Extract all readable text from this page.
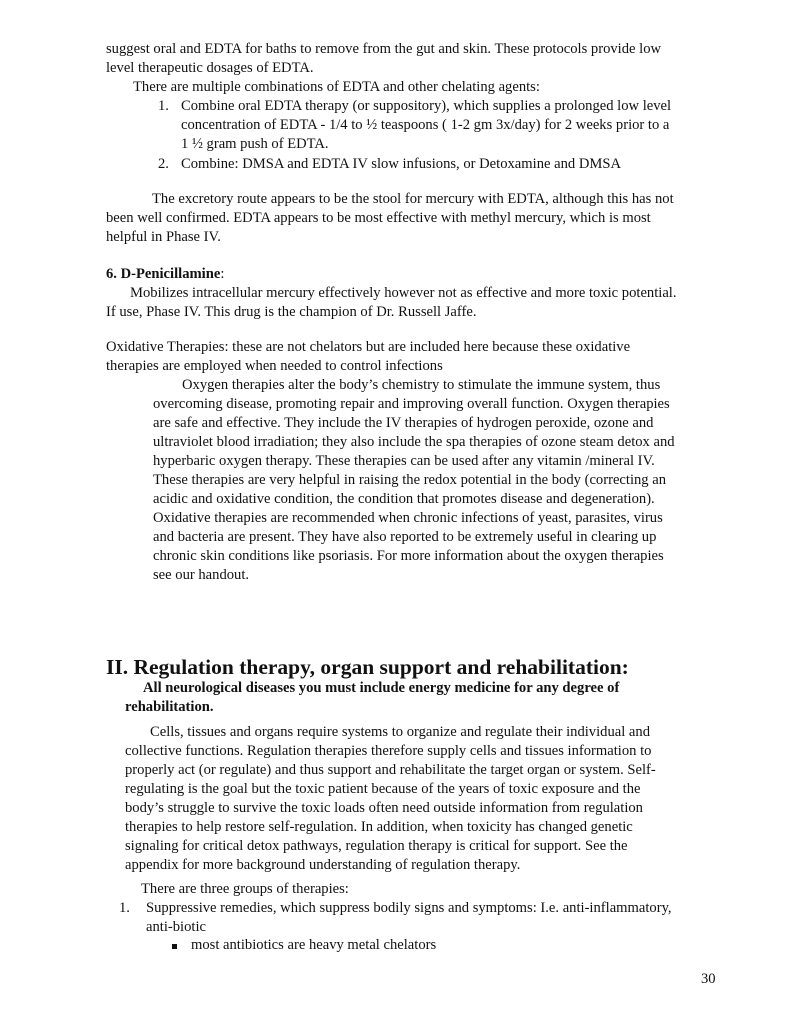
suggest oral and EDTA for baths to remove from the gut and skin. These protocols provide low
level therapeutic dosages of EDTA.
There are multiple combinations of EDTA and other chelating agents:
1. Combine oral EDTA therapy (or suppository), which supplies a prolonged low level
concentration of EDTA - 1/4 to ½ teaspoons ( 1-2 gm 3x/day) for 2 weeks prior to a
1 ½ gram push of EDTA.
2. Combine: DMSA and EDTA IV slow infusions, or Detoxamine and DMSA
The excretory route appears to be the stool for mercury with EDTA, although this has not
been well confirmed. EDTA appears to be most effective with methyl mercury, which is most
helpful in Phase IV.
6. D-Penicillamine:
Mobilizes intracellular mercury effectively however not as effective and more toxic potential.
If use, Phase IV. This drug is the champion of Dr. Russell Jaffe.
Oxidative Therapies: these are not chelators but are included here because these oxidative
therapies are employed when needed to control infections
Oxygen therapies alter the body’s chemistry to stimulate the immune system, thus
overcoming disease, promoting repair and improving overall function. Oxygen therapies
are safe and effective. They include the IV therapies of hydrogen peroxide, ozone and
ultraviolet blood irradiation; they also include the spa therapies of ozone steam detox and
hyperbaric oxygen therapy. These therapies can be used after any vitamin /mineral IV.
These therapies are very helpful in raising the redox potential in the body (correcting an
acidic and oxidative condition, the condition that promotes disease and degeneration).
Oxidative therapies are recommended when chronic infections of yeast, parasites, virus
and bacteria are present. They have also reported to be extremely useful in clearing up
chronic skin conditions like psoriasis. For more information about the oxygen therapies
see our handout.
II. Regulation therapy, organ support and rehabilitation:
All neurological diseases you must include energy medicine for any degree of
rehabilitation.
Cells, tissues and organs require systems to organize and regulate their individual and
collective functions. Regulation therapies therefore supply cells and tissues information to
properly act (or regulate) and thus support and rehabilitate the target organ or system. Self-
regulating is the goal but the toxic patient because of the years of toxic exposure and the
body’s struggle to survive the toxic loads often need outside information from regulation
therapies to help restore self-regulation. In addition, when toxicity has changed genetic
signaling for critical detox pathways, regulation therapy is critical for support. See the
appendix for more background understanding of regulation therapy.
There are three groups of therapies:
1. Suppressive remedies, which suppress bodily signs and symptoms: I.e. anti-inflammatory,
anti-biotic
most antibiotics are heavy metal chelators
30
